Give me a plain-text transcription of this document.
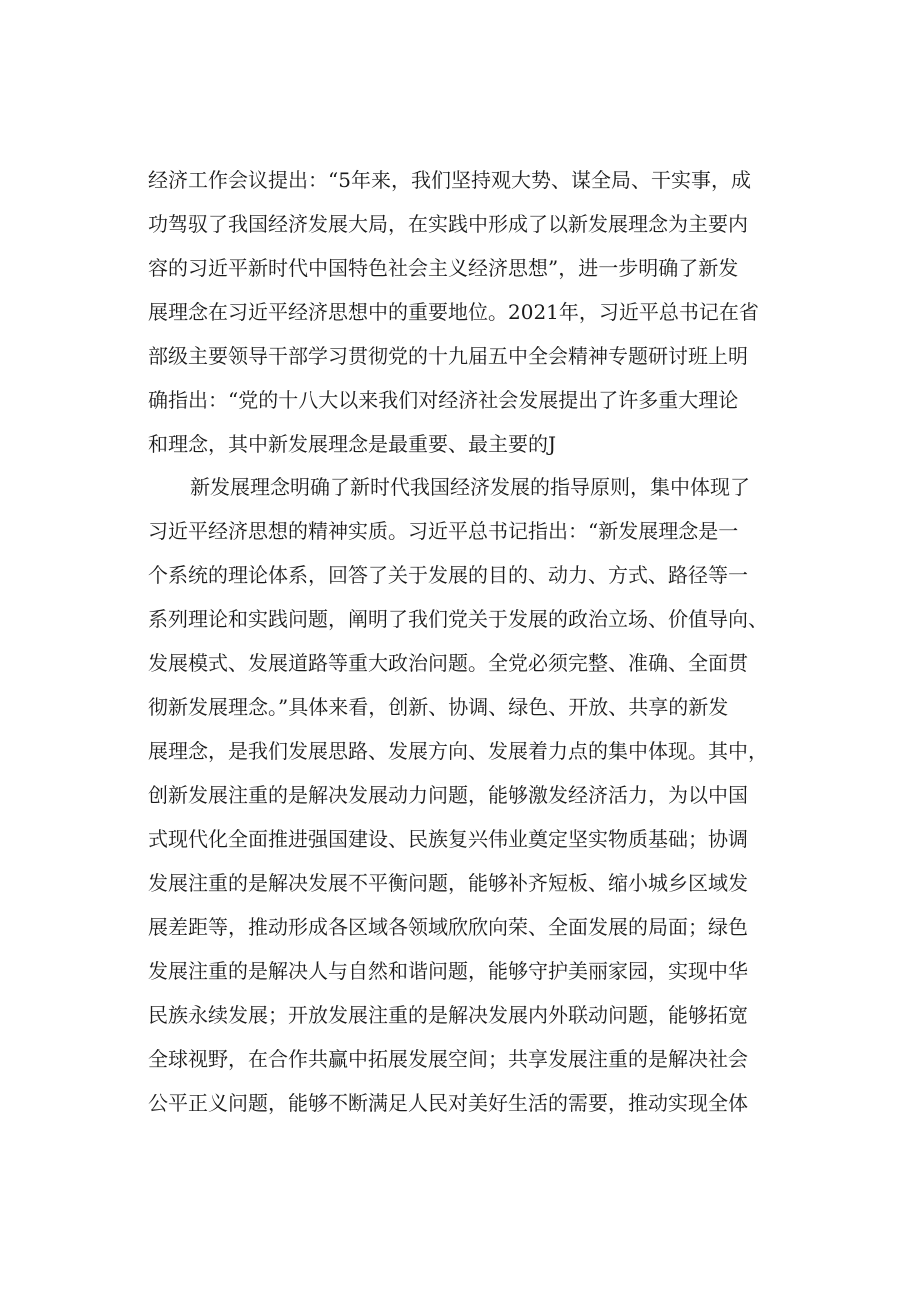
经济工作会议提出：“5年来，我们坚持观大势、谋全局、干实事，成
功驾驭了我国经济发展大局，在实践中形成了以新发展理念为主要内
容的习近平新时代中国特色社会主义经济思想”，进一步明确了新发
展理念在习近平经济思想中的重要地位。2021年，习近平总书记在省
部级主要领导干部学习贯彻党的十九届五中全会精神专题研讨班上明
确指出：“党的十八大以来我们对经济社会发展提出了许多重大理论
和理念，其中新发展理念是最重要、最主要的J
新发展理念明确了新时代我国经济发展的指导原则，集中体现了
习近平经济思想的精神实质。习近平总书记指出：“新发展理念是一
个系统的理论体系，回答了关于发展的目的、动力、方式、路径等一
系列理论和实践问题，阐明了我们党关于发展的政治立场、价值导向、
发展模式、发展道路等重大政治问题。全党必须完整、准确、全面贯
彻新发展理念。”具体来看，创新、协调、绿色、开放、共享的新发
展理念，是我们发展思路、发展方向、发展着力点的集中体现。其中，
创新发展注重的是解决发展动力问题，能够激发经济活力，为以中国
式现代化全面推进强国建设、民族复兴伟业奠定坚实物质基础；协调
发展注重的是解决发展不平衡问题，能够补齐短板、缩小城乡区域发
展差距等，推动形成各区域各领域欣欣向荣、全面发展的局面；绿色
发展注重的是解决人与自然和谐问题，能够守护美丽家园，实现中华
民族永续发展；开放发展注重的是解决发展内外联动问题，能够拓宽
全球视野，在合作共赢中拓展发展空间；共享发展注重的是解决社会
公平正义问题，能够不断满足人民对美好生活的需要，推动实现全体
